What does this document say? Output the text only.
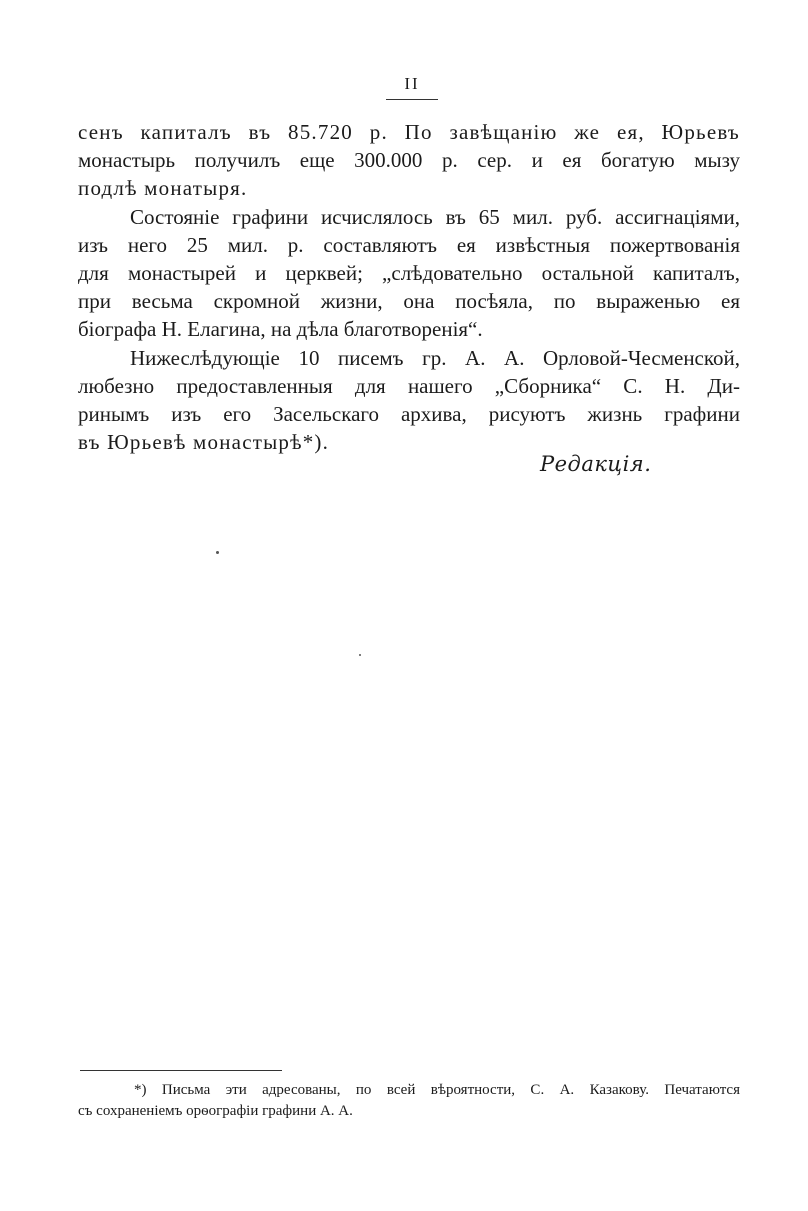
II
сенъ капиталъ въ 85.720 р. По завѣщанію же ея, Юрьевъ
монастырь получилъ еще 300.000 р. сер. и ея богатую мызу
подлѣ монатыря.
Состояніе графини исчислялось въ 65 мил. руб. ассигнаціями,
изъ него 25 мил. р. составляютъ ея извѣстныя пожертвованія
для монастырей и церквей; „слѣдовательно остальной капиталъ,
при весьма скромной жизни, она посѣяла, по выраженью ея
біографа Н. Елагина, на дѣла благотворенія“.
Нижеслѣдующіе 10 писемъ гр. А. А. Орловой-Чесменской,
любезно предоставленныя для нашего „Сборника“ С. Н. Ди-
ринымъ изъ его Засельскаго архива, рисуютъ жизнь графини
въ Юрьевѣ монастырѣ*).
Редакція.
*) Письма эти адресованы, по всей вѣроятности, С. А. Казакову. Печатаются
съ сохраненіемъ орѳографіи графини А. А.
